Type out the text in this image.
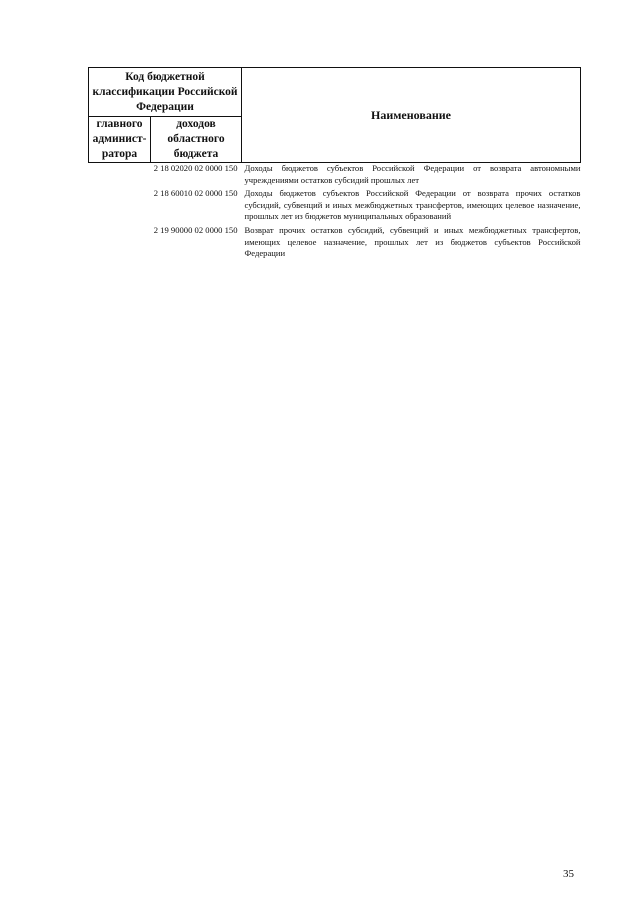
Код бюджетной классификации Российской Федерации		Наименование
главного админист-ратора	доходов областного бюджета	
	2 18 02020 02 0000 150	Доходы бюджетов субъектов Российской Федерации от возврата автономными учреждениями остатков субсидий прошлых лет
	2 18 60010 02 0000 150	Доходы бюджетов субъектов Российской Федерации от возврата прочих остатков субсидий, субвенций и иных межбюджетных трансфертов, имеющих целевое назначение, прошлых лет из бюджетов муниципальных образований
	2 19 90000 02 0000 150	Возврат прочих остатков субсидий, субвенций и иных межбюджетных трансфертов, имеющих целевое назначение, прошлых лет из бюджетов субъектов Российской Федерации
35
